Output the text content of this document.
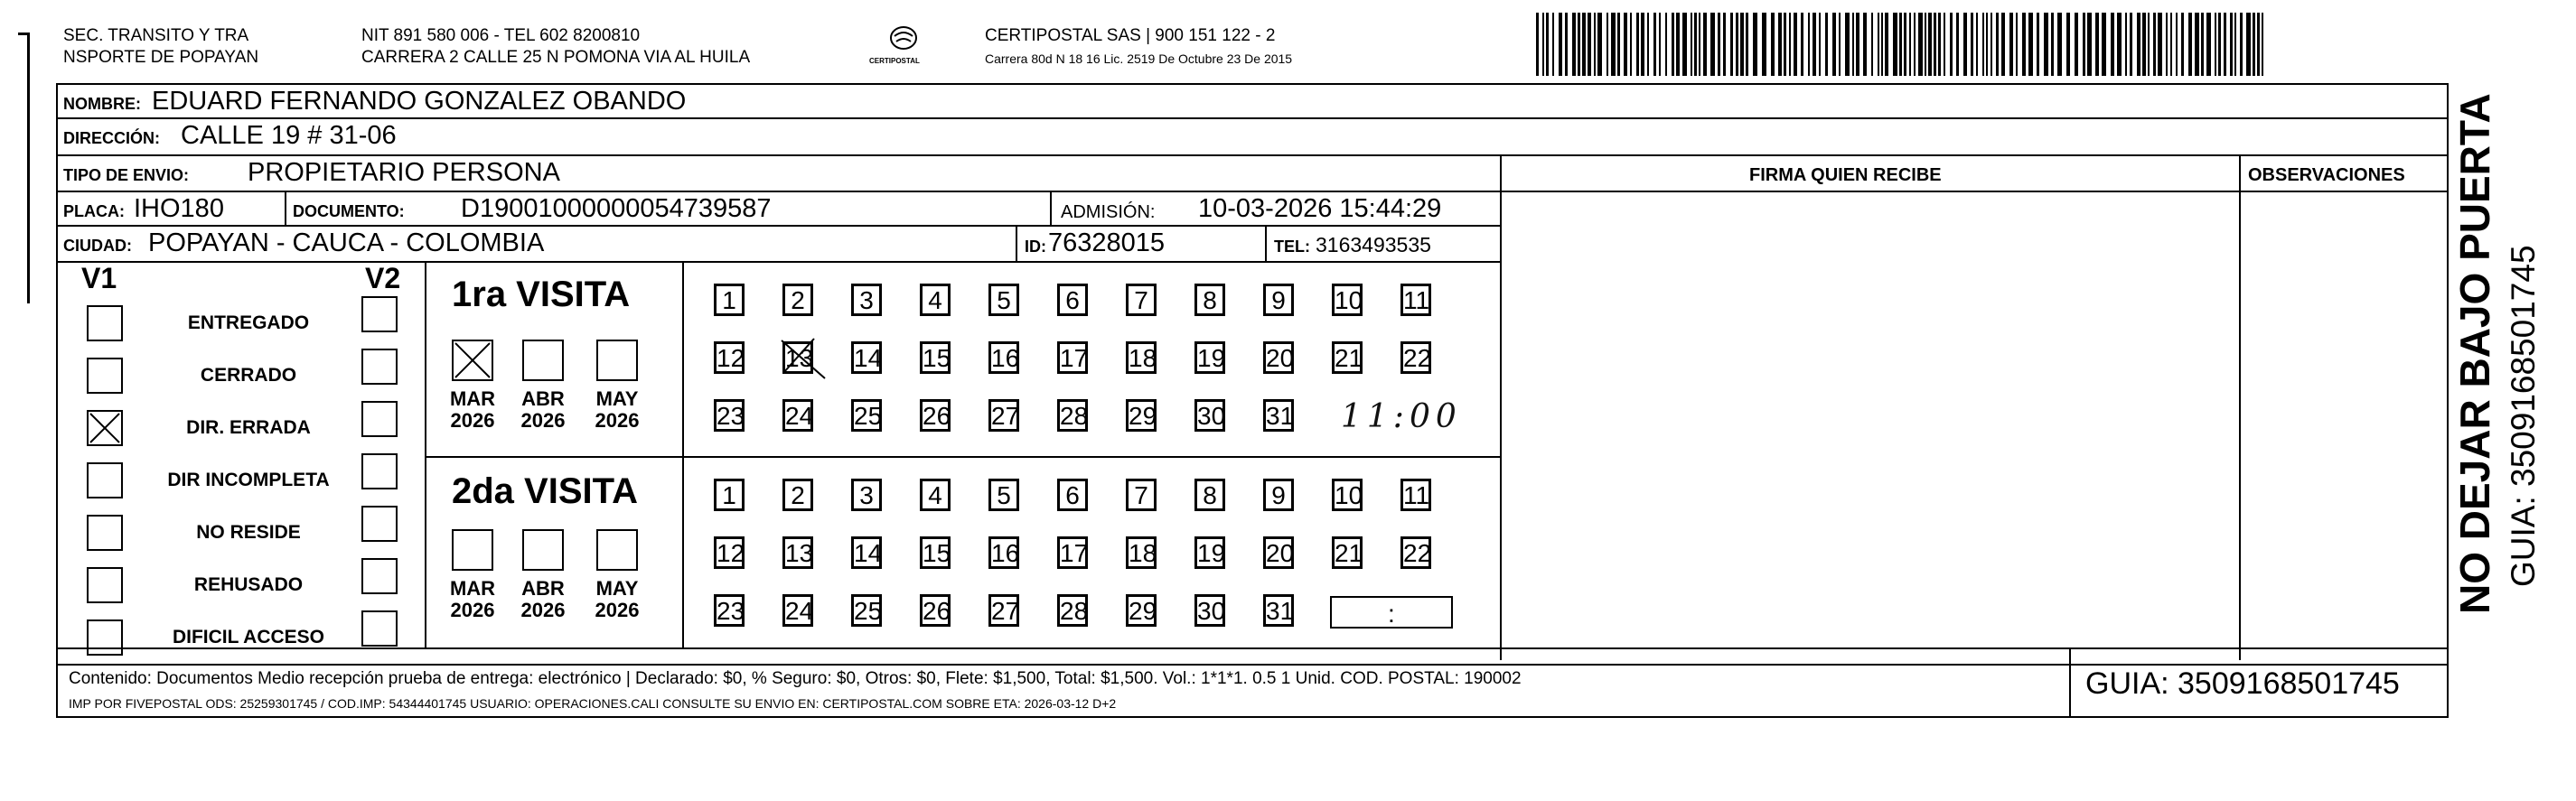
SEC. TRANSITO Y TRA
NSPORTE DE POPAYAN
NIT 891 580 006 - TEL 602 8200810
CARRERA 2 CALLE 25 N POMONA VIA AL HUILA	CERTIPOSTAL
CERTIPOSTAL SAS | 900 151 122 - 2
Carrera 80d N 18 16 Lic. 2519 De Octubre 23 De 2015
NOMBRE: EDUARD FERNANDO GONZALEZ OBANDO
DIRECCIÓN: CALLE 19 # 31-06
TIPO DE ENVIO: PROPIETARIO PERSONA
PLACA: IHO180	DOCUMENTO: D19001000000054739587	ADMISIÓN: 10-03-2026 15:44:29
CIUDAD: POPAYAN - CAUCA - COLOMBIA	ID: 76328015	TEL: 3163493535
FIRMA QUIEN RECIBE	OBSERVACIONES
V1	V2
ENTREGADO
CERRADO
DIR. ERRADA
DIR INCOMPLETA
NO RESIDE
REHUSADO
DIFICIL ACCESO
1ra VISITA
2da VISITA
MAR
2026
ABR
2026
MAY
2026
MAR
2026
ABR
2026
MAY
2026
1	2	3	4	5	6	7	8	9	10 11
12 13 14 15 16 17 18 19 20 21 22
23 24 25 26 27 28 29 30 31
1	2	3	4	5	6	7	8	9	10 11
12 13 14 15 16 17 18 19 20 21 22
23 24 25 26 27 28 29 30 31
11:00
:
Contenido: Documentos Medio recepción prueba de entrega: electrónico | Declarado: $0, % Seguro: $0, Otros: $0, Flete: $1,500, Total: $1,500. Vol.: 1*1*1. 0.5 1 Unid. COD. POSTAL: 190002
IMP POR FIVEPOSTAL ODS: 25259301745 / COD.IMP: 54344401745 USUARIO: OPERACIONES.CALI CONSULTE SU ENVIO EN: CERTIPOSTAL.COM SOBRE ETA: 2026-03-12 D+2
GUIA: 3509168501745
NO DEJAR BAJO PUERTA GUIA: 3509168501745
